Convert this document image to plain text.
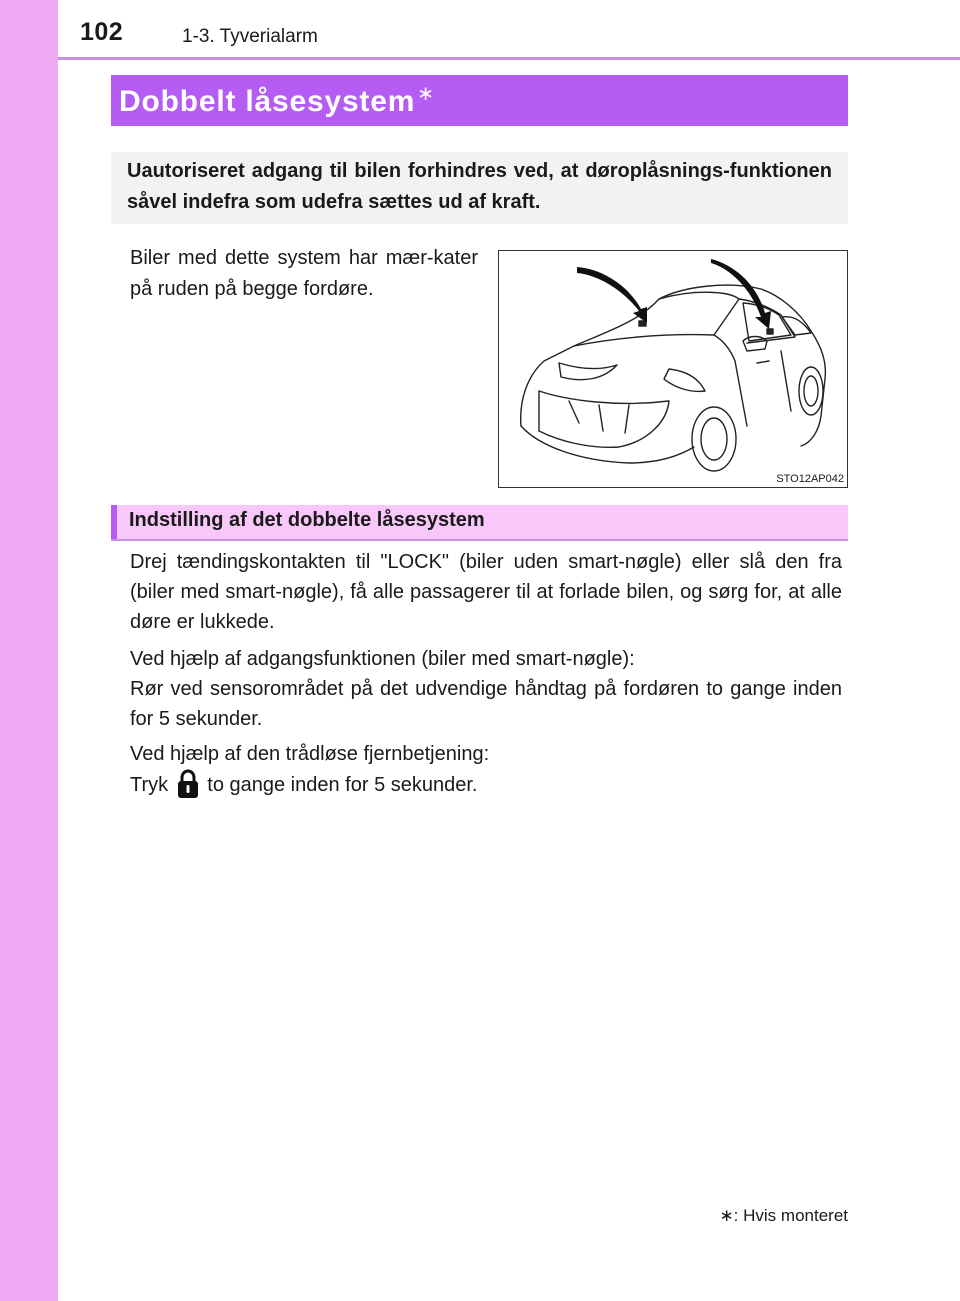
102	1-3. Tyverialarm
Dobbelt låsesystem ∗
Uautoriseret adgang til bilen forhindres ved, at døroplåsnings-funktionen såvel indefra som udefra sættes ud af kraft.
Biler med dette system har mær-kater på ruden på begge fordøre.
STO12AP042
Indstilling af det dobbelte låsesystem
Drej tændingskontakten til "LOCK" (biler uden smart-nøgle) eller slå den fra (biler med smart-nøgle), få alle passagerer til at forlade bilen, og sørg for, at alle døre er lukkede.
Ved hjælp af adgangsfunktionen (biler med smart-nøgle):
Rør ved sensorområdet på det udvendige håndtag på fordøren to gange inden for 5 sekunder.
Ved hjælp af den trådløse fjernbetjening:
Tryk to gange inden for 5 sekunder.
∗: Hvis monteret
